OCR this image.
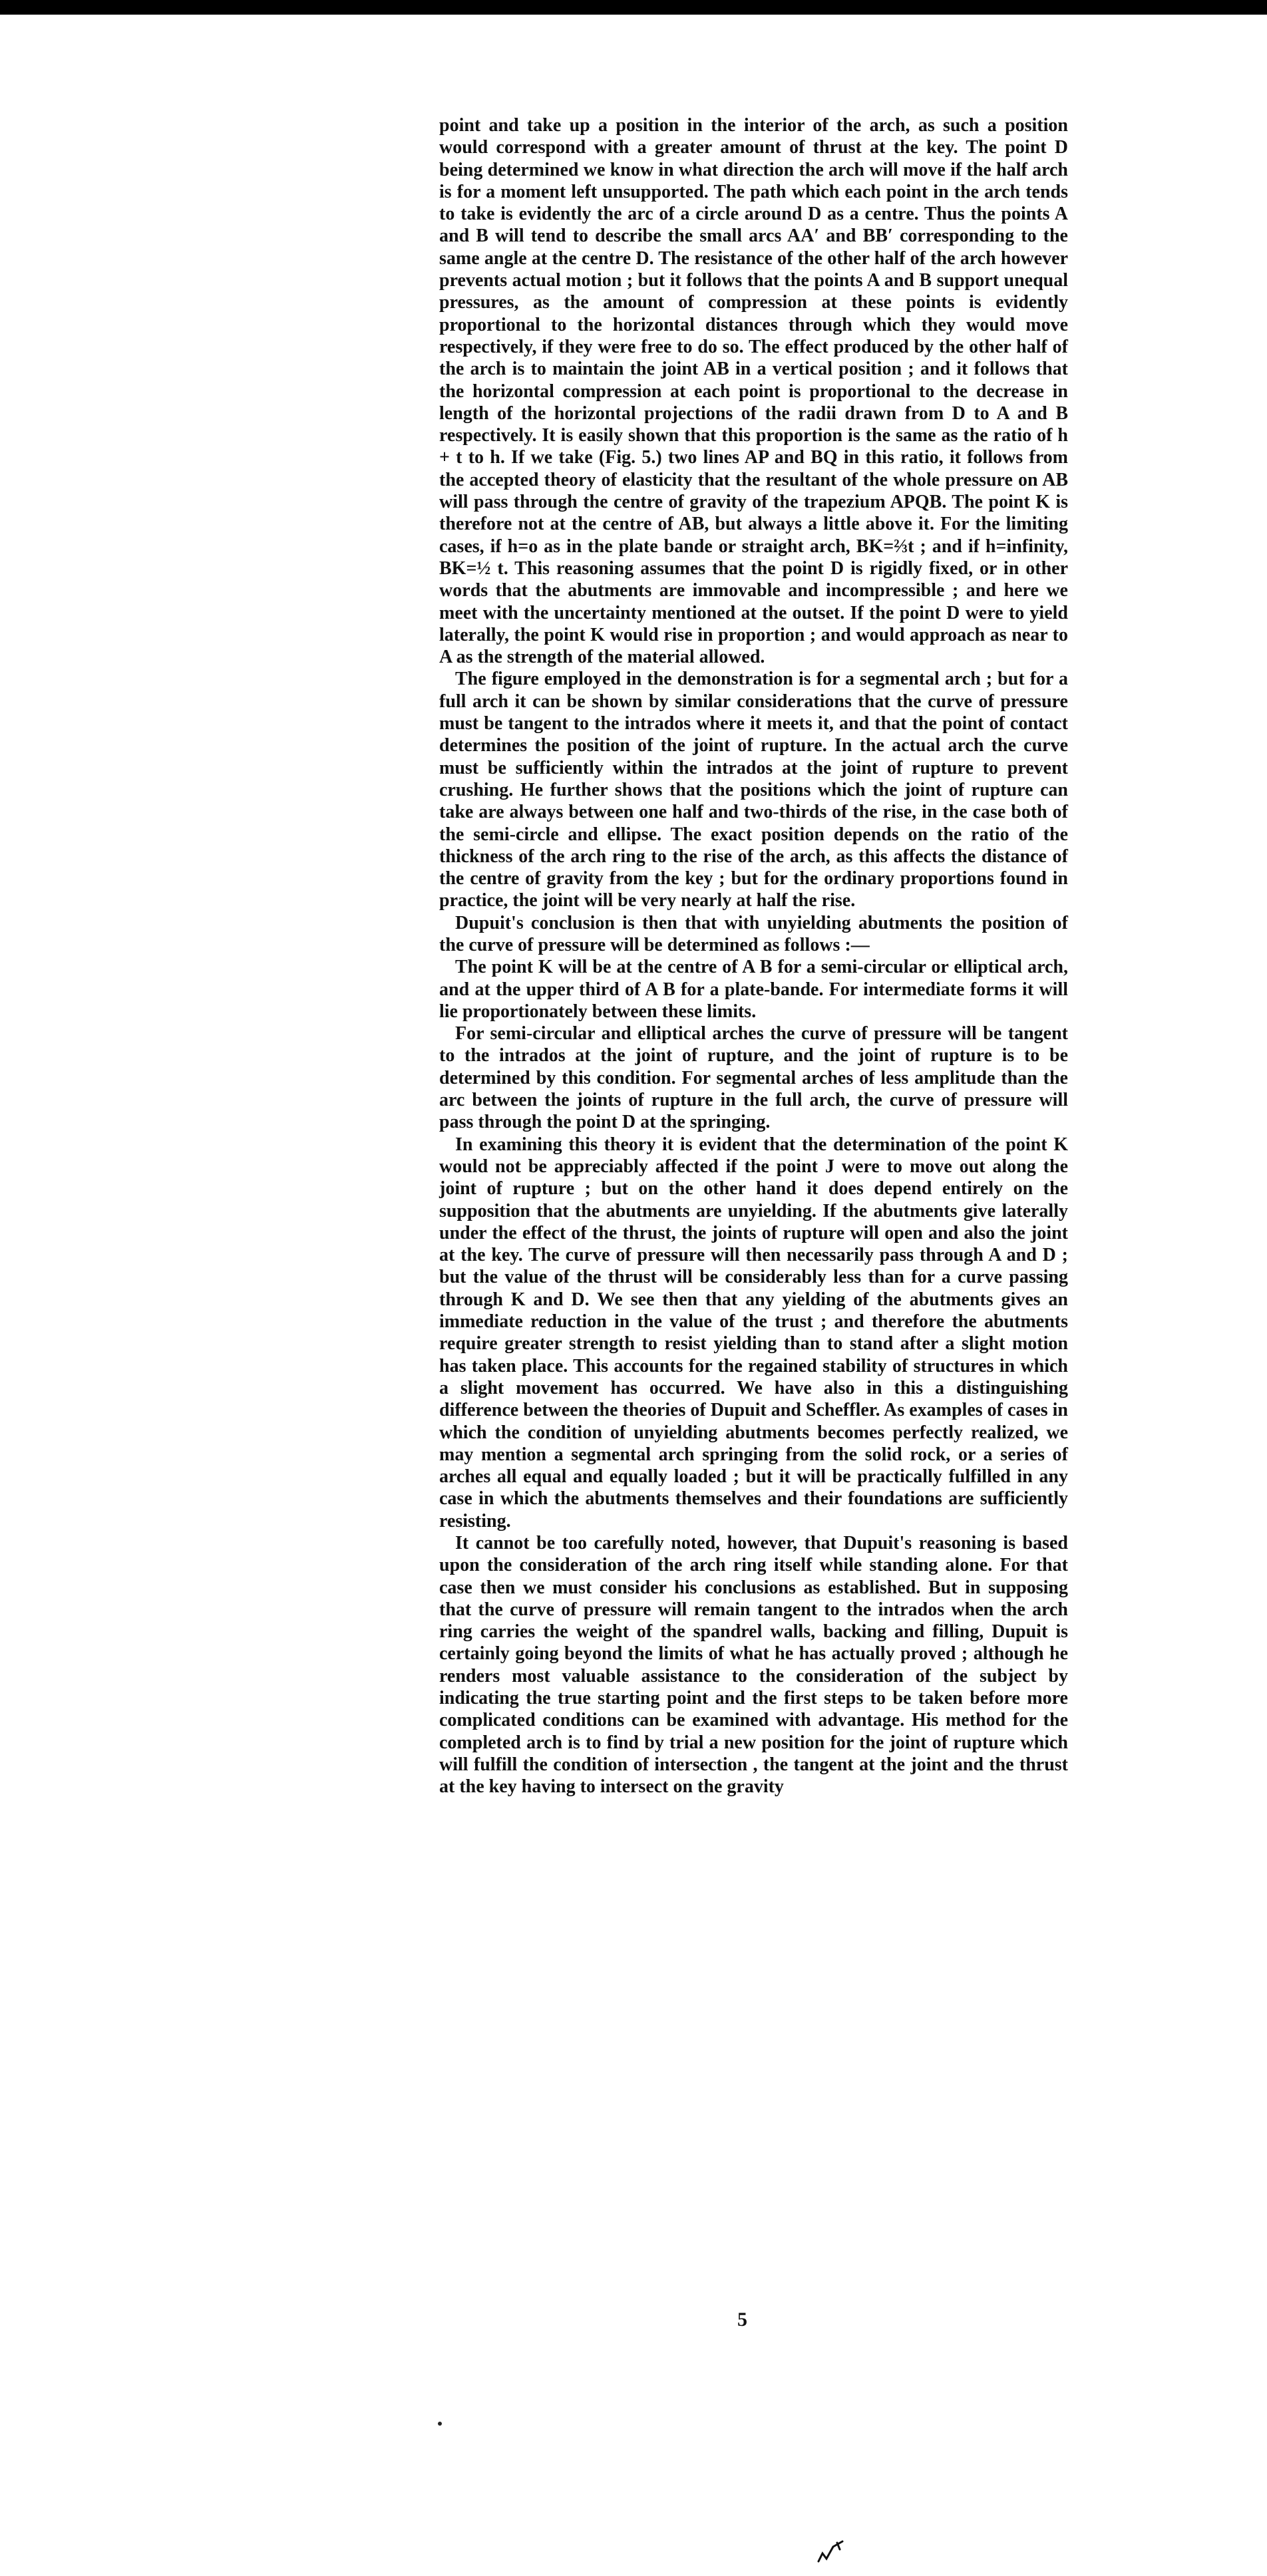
point and take up a position in the interior of the arch, as such a position would correspond with a greater amount of thrust at the key. The point D being determined we know in what direction the arch will move if the half arch is for a moment left unsupported. The path which each point in the arch tends to take is evidently the arc of a circle around D as a centre. Thus the points A and B will tend to describe the small arcs AA′ and BB′ corresponding to the same angle at the centre D. The resistance of the other half of the arch however prevents actual motion ; but it follows that the points A and B support unequal pressures, as the amount of compression at these points is evidently proportional to the horizontal distances through which they would move respectively, if they were free to do so. The effect produced by the other half of the arch is to maintain the joint AB in a vertical position ; and it follows that the horizontal compression at each point is proportional to the decrease in length of the horizontal projections of the radii drawn from D to A and B respectively. It is easily shown that this proportion is the same as the ratio of h + t to h. If we take (Fig. 5.) two lines AP and BQ in this ratio, it follows from the accepted theory of elasticity that the resultant of the whole pressure on AB will pass through the centre of gravity of the trapezium APQB. The point K is therefore not at the centre of AB, but always a little above it. For the limiting cases, if h=o as in the plate bande or straight arch, BK=⅔t ; and if h=infinity, BK=½ t. This reasoning assumes that the point D is rigidly fixed, or in other words that the abutments are immovable and incompressible ; and here we meet with the uncertainty mentioned at the outset. If the point D were to yield laterally, the point K would rise in proportion ; and would approach as near to A as the strength of the material allowed.

The figure employed in the demonstration is for a segmental arch ; but for a full arch it can be shown by similar considerations that the curve of pressure must be tangent to the intrados where it meets it, and that the point of contact determines the position of the joint of rupture. In the actual arch the curve must be sufficiently within the intrados at the joint of rupture to prevent crushing. He further shows that the positions which the joint of rupture can take are always between one half and two-thirds of the rise, in the case both of the semi-circle and ellipse. The exact position depends on the ratio of the thickness of the arch ring to the rise of the arch, as this affects the distance of the centre of gravity from the key ; but for the ordinary proportions found in practice, the joint will be very nearly at half the rise.

Dupuit's conclusion is then that with unyielding abutments the position of the curve of pressure will be determined as follows :—

The point K will be at the centre of A B for a semi-circular or elliptical arch, and at the upper third of A B for a plate-bande. For intermediate forms it will lie proportionately between these limits.

For semi-circular and elliptical arches the curve of pressure will be tangent to the intrados at the joint of rupture, and the joint of rupture is to be determined by this condition. For segmental arches of less amplitude than the arc between the joints of rupture in the full arch, the curve of pressure will pass through the point D at the springing.

In examining this theory it is evident that the determination of the point K would not be appreciably affected if the point J were to move out along the joint of rupture ; but on the other hand it does depend entirely on the supposition that the abutments are unyielding. If the abutments give laterally under the effect of the thrust, the joints of rupture will open and also the joint at the key. The curve of pressure will then necessarily pass through A and D ; but the value of the thrust will be considerably less than for a curve passing through K and D. We see then that any yielding of the abutments gives an immediate reduction in the value of the trust ; and therefore the abutments require greater strength to resist yielding than to stand after a slight motion has taken place. This accounts for the regained stability of structures in which a slight movement has occurred. We have also in this a distinguishing difference between the theories of Dupuit and Scheffler. As examples of cases in which the condition of unyielding abutments becomes perfectly realized, we may mention a segmental arch springing from the solid rock, or a series of arches all equal and equally loaded ; but it will be practically fulfilled in any case in which the abutments themselves and their foundations are sufficiently resisting.

It cannot be too carefully noted, however, that Dupuit's reasoning is based upon the consideration of the arch ring itself while standing alone. For that case then we must consider his conclusions as established. But in supposing that the curve of pressure will remain tangent to the intrados when the arch ring carries the weight of the spandrel walls, backing and filling, Dupuit is certainly going beyond the limits of what he has actually proved ; although he renders most valuable assistance to the consideration of the subject by indicating the true starting point and the first steps to be taken before more complicated conditions can be examined with advantage. His method for the completed arch is to find by trial a new position for the joint of rupture which will fulfill the condition of intersection , the tangent at the joint and the thrust at the key having to intersect on the gravity

5
